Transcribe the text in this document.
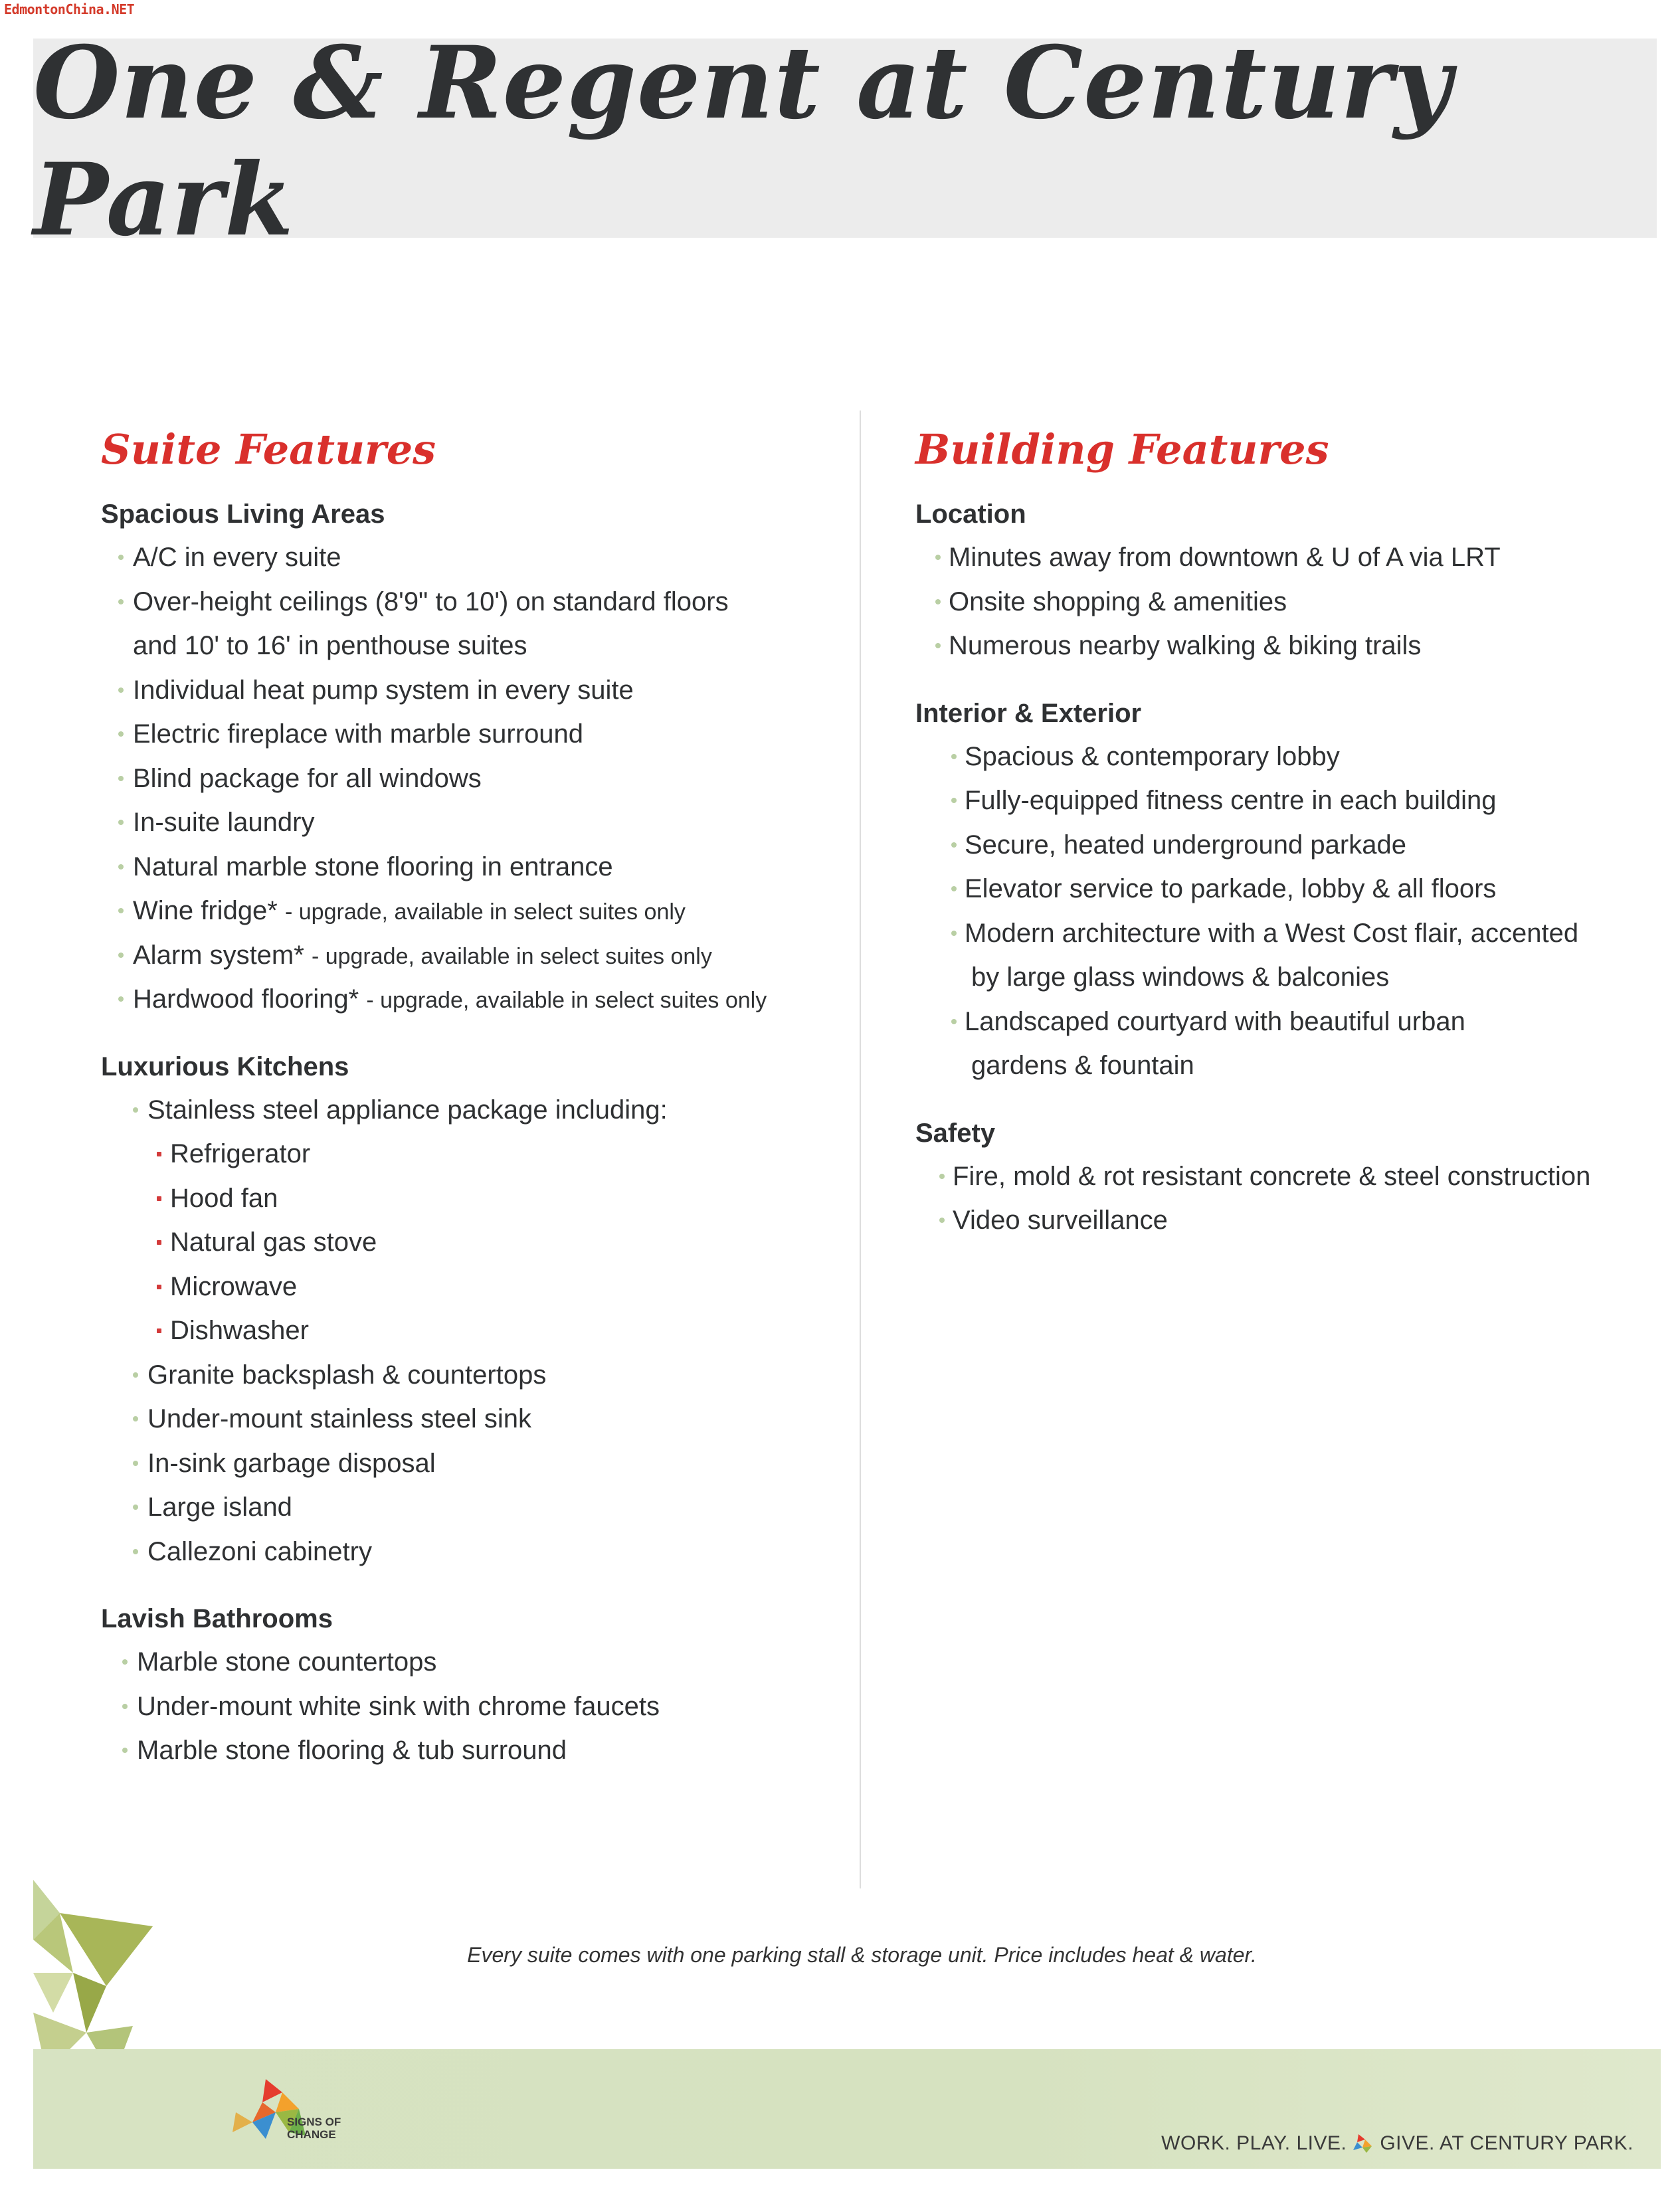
EdmontonChina.NET
One & Regent at Century Park
Suite Features
Spacious Living Areas
A/C in every suite
Over-height ceilings (8'9" to 10') on standard floors
and 10' to 16' in penthouse suites
Individual heat pump system in every suite
Electric fireplace with marble surround
Blind package for all windows
In-suite laundry
Natural marble stone flooring in entrance
Wine fridge* - upgrade, available in select suites only
Alarm system* - upgrade, available in select suites only
Hardwood flooring* - upgrade, available in select suites only
Luxurious Kitchens
Stainless steel appliance package including:
Refrigerator
Hood fan
Natural gas stove
Microwave
Dishwasher
Granite backsplash & countertops
Under-mount stainless steel sink
In-sink garbage disposal
Large island
Callezoni cabinetry
Lavish Bathrooms
Marble stone countertops
Under-mount white sink with chrome faucets
Marble stone flooring & tub surround
Building Features
Location
Minutes away from downtown & U of A via LRT
Onsite shopping & amenities
Numerous nearby walking & biking trails
Interior & Exterior
Spacious & contemporary lobby
Fully-equipped fitness centre in each building
Secure, heated underground parkade
Elevator service to parkade, lobby & all floors
Modern architecture with a West Cost flair, accented
by large glass windows & balconies
Landscaped courtyard with beautiful urban
gardens & fountain
Safety
Fire, mold & rot resistant concrete & steel construction
Video surveillance
Every suite comes with one parking stall & storage unit. Price includes heat & water.
SIGNS OF
CHANGE	WORK. PLAY. LIVE. GIVE. AT CENTURY PARK.
